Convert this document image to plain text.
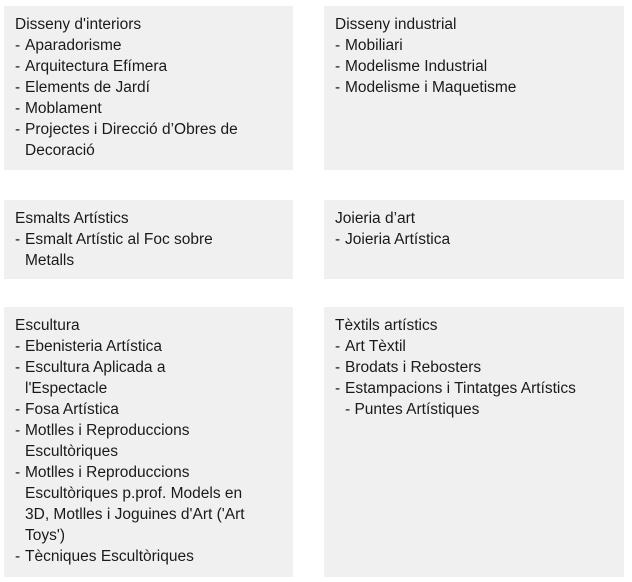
Disseny d'interiors
- Aparadorisme
- Arquitectura Efímera
- Elements de Jardí
- Moblament
- Projectes i Direcció d’Obres de Decoració
Disseny industrial
- Mobiliari
- Modelisme Industrial
- Modelisme i Maquetisme
Esmalts Artístics
- Esmalt Artístic al Foc sobre Metalls
Joieria d’art
- Joieria Artística
Escultura
- Ebenisteria Artística
- Escultura Aplicada a l'Espectacle
- Fosa Artística
- Motlles i Reproduccions Escultòriques
- Motlles i Reproduccions Escultòriques p.prof. Models en 3D, Motlles i Joguines d'Art ('Art Toys')
- Tècniques Escultòriques
Tèxtils artístics
- Art Tèxtil
- Brodats i Rebosters
- Estampacions i Tintatges Artístics - Puntes Artístiques
